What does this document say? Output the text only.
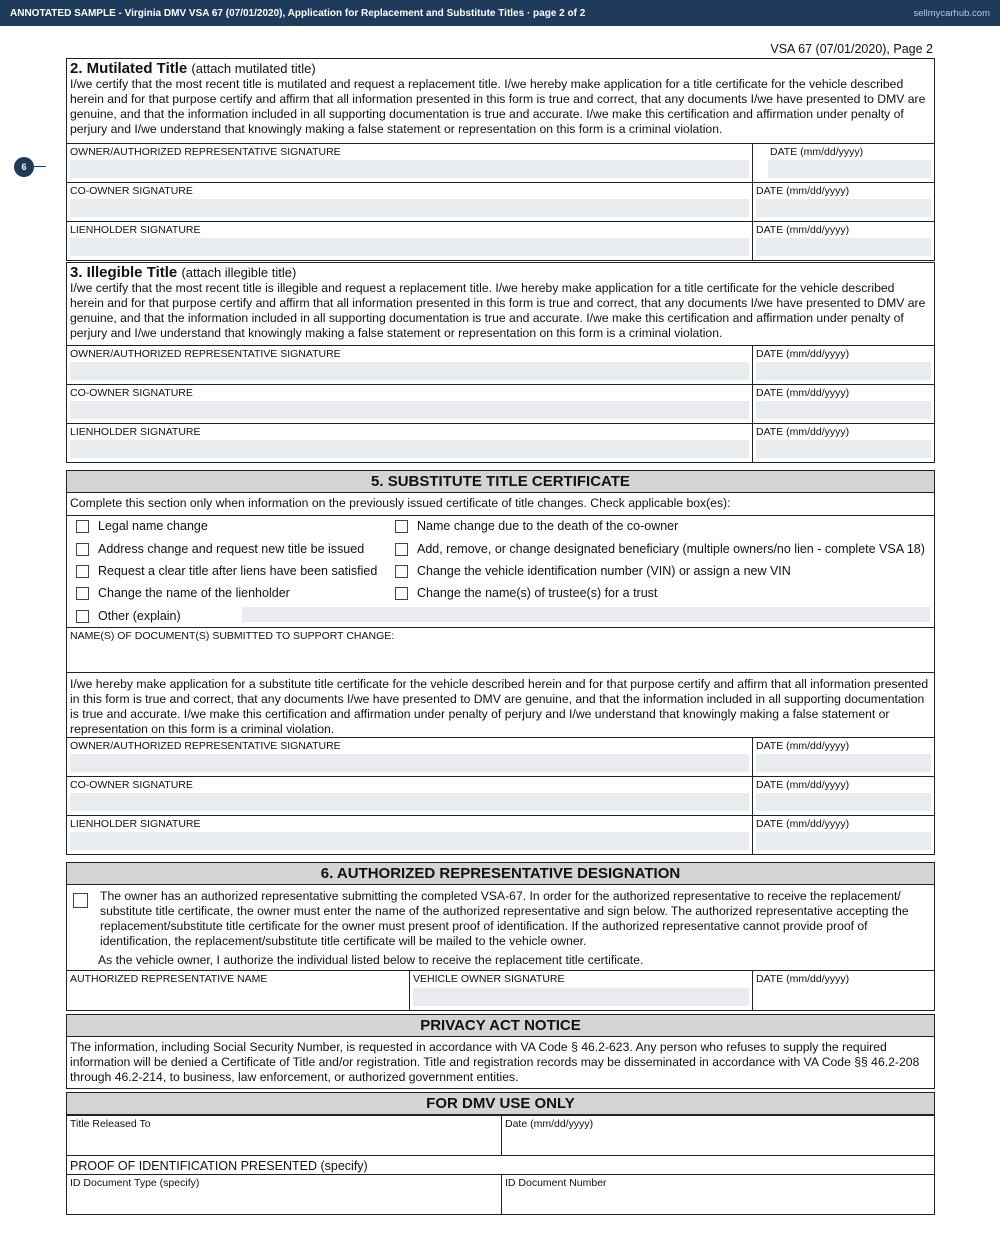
ANNOTATED SAMPLE - Virginia DMV VSA 67 (07/01/2020), Application for Replacement and Substitute Titles · page 2 of 2	sellmycarhub.com
VSA 67 (07/01/2020), Page 2
6
2. Mutilated Title (attach mutilated title)
I/we certify that the most recent title is mutilated and request a replacement title. I/we hereby make application for a title certificate for the vehicle described herein and for that purpose certify and affirm that all information presented in this form is true and correct, that any documents I/we have presented to DMV are genuine, and that the information included in all supporting documentation is true and accurate. I/we make this certification and affirmation under penalty of perjury and I/we understand that knowingly making a false statement or representation on this form is a criminal violation.
OWNER/AUTHORIZED REPRESENTATIVE SIGNATURE	DATE (mm/dd/yyyy)
CO-OWNER SIGNATURE	DATE (mm/dd/yyyy)
LIENHOLDER SIGNATURE	DATE (mm/dd/yyyy)
3. Illegible Title (attach illegible title)
I/we certify that the most recent title is illegible and request a replacement title. I/we hereby make application for a title certificate for the vehicle described herein and for that purpose certify and affirm that all information presented in this form is true and correct, that any documents I/we have presented to DMV are genuine, and that the information included in all supporting documentation is true and accurate. I/we make this certification and affirmation under penalty of perjury and I/we understand that knowingly making a false statement or representation on this form is a criminal violation.
OWNER/AUTHORIZED REPRESENTATIVE SIGNATURE	DATE (mm/dd/yyyy)
CO-OWNER SIGNATURE	DATE (mm/dd/yyyy)
LIENHOLDER SIGNATURE	DATE (mm/dd/yyyy)
5. SUBSTITUTE TITLE CERTIFICATE
Complete this section only when information on the previously issued certificate of title changes. Check applicable box(es):
Legal name change
Address change and request new title be issued
Request a clear title after liens have been satisfied
Change the name of the lienholder
Other (explain)
Name change due to the death of the co-owner
Add, remove, or change designated beneficiary (multiple owners/no lien - complete VSA 18)
Change the vehicle identification number (VIN) or assign a new VIN
Change the name(s) of trustee(s) for a trust
NAME(S) OF DOCUMENT(S) SUBMITTED TO SUPPORT CHANGE:
I/we hereby make application for a substitute title certificate for the vehicle described herein and for that purpose certify and affirm that all information presented in this form is true and correct, that any documents I/we have presented to DMV are genuine, and that the information included in all supporting documentation is true and accurate. I/we make this certification and affirmation under penalty of perjury and I/we understand that knowingly making a false statement or representation on this form is a criminal violation.
OWNER/AUTHORIZED REPRESENTATIVE SIGNATURE	DATE (mm/dd/yyyy)
CO-OWNER SIGNATURE	DATE (mm/dd/yyyy)
LIENHOLDER SIGNATURE	DATE (mm/dd/yyyy)
6. AUTHORIZED REPRESENTATIVE DESIGNATION
The owner has an authorized representative submitting the completed VSA-67. In order for the authorized representative to receive the replacement/ substitute title certificate, the owner must enter the name of the authorized representative and sign below. The authorized representative accepting the replacement/substitute title certificate for the owner must present proof of identification. If the authorized representative cannot provide proof of identification, the replacement/substitute title certificate will be mailed to the vehicle owner.
As the vehicle owner, I authorize the individual listed below to receive the replacement title certificate.
AUTHORIZED REPRESENTATIVE NAME	VEHICLE OWNER SIGNATURE	DATE (mm/dd/yyyy)
PRIVACY ACT NOTICE
The information, including Social Security Number, is requested in accordance with VA Code § 46.2-623. Any person who refuses to supply the required information will be denied a Certificate of Title and/or registration. Title and registration records may be disseminated in accordance with VA Code §§ 46.2-208 through 46.2-214, to business, law enforcement, or authorized government entities.
FOR DMV USE ONLY
Title Released To	Date (mm/dd/yyyy)
PROOF OF IDENTIFICATION PRESENTED (specify)
ID Document Type (specify)	ID Document Number
